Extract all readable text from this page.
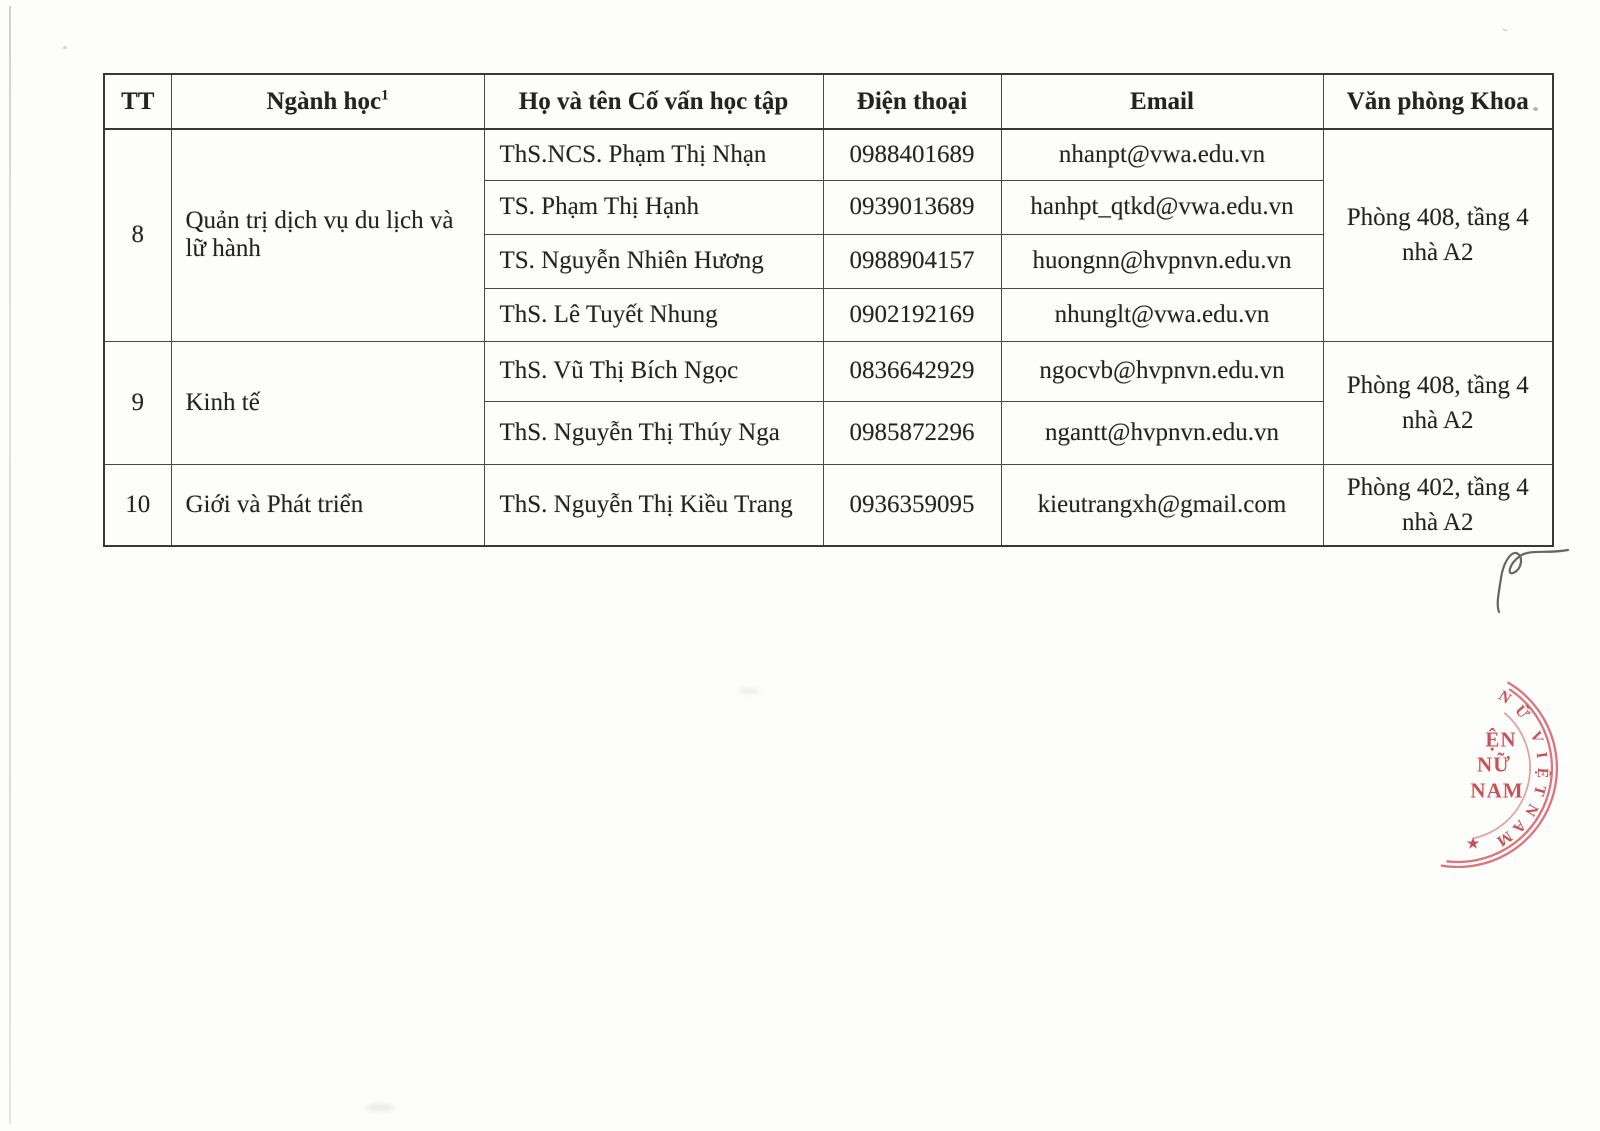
TT	Ngành học$^1$	Họ và tên Cố vấn học tập	Điện thoại	Email	Văn phòng Khoa
8	Quản trị dịch vụ du lịch và lữ hành	ThS.NCS. Phạm Thị Nhạn	0988401689	nhanpt@vwa.edu.vn	Phòng 408, tầng 4
nhà A2

		TS. Phạm Thị Hạnh	0939013689	hanhpt_qtkd@vwa.edu.vn	
		TS. Nguyễn Nhiên Hương	0988904157	huongnn@hvpnvn.edu.vn	
		ThS. Lê Tuyết Nhung	0902192169	nhunglt@vwa.edu.vn	
9	Kinh tế	ThS. Vũ Thị Bích Ngọc	0836642929	ngocvb@hvpnvn.edu.vn	Phòng 408, tầng 4
nhà A2

		ThS. Nguyễn Thị Thúy Nga	0985872296	ngantt@hvpnvn.edu.vn	
10	Giới và Phát triển	ThS. Nguyễn Thị Kiều Trang	0936359095	kieutrangxh@gmail.com	Phòng 402, tầng 4
nhà A2
N
Ữ
V
I
Ệ
T
N
A
M
ỆN
NỮ
NAM
★
